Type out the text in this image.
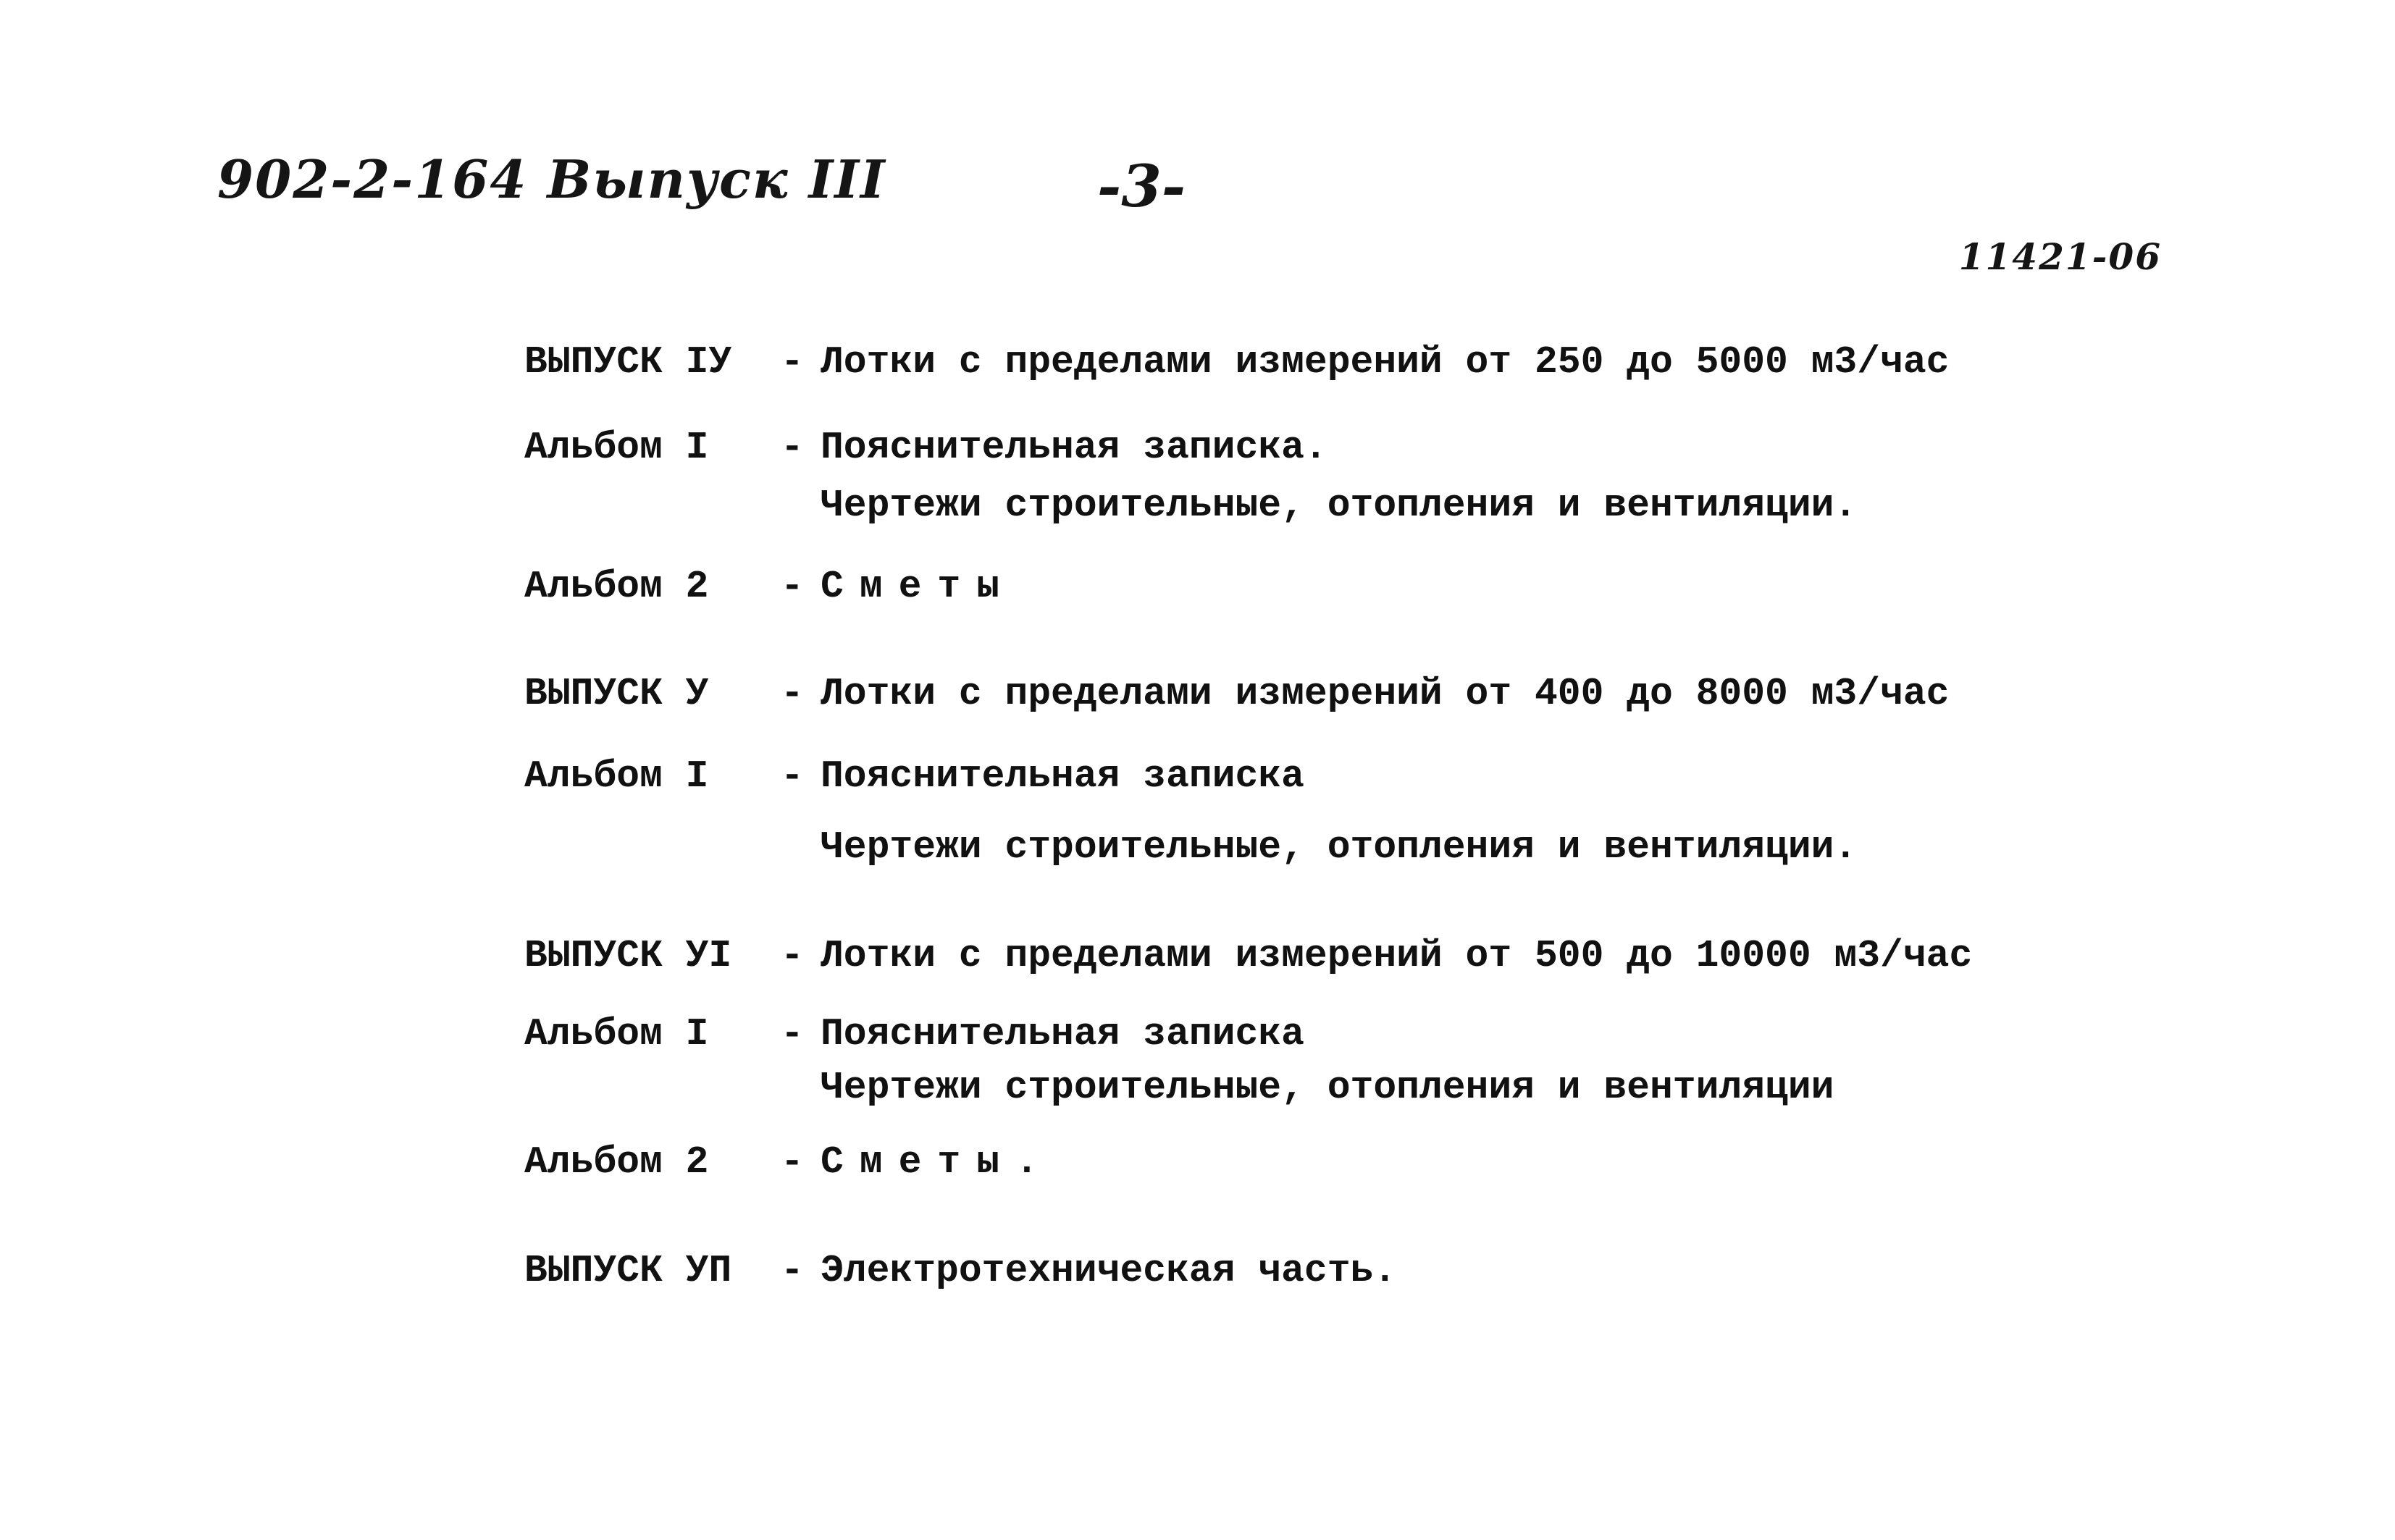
902-2-164 Выпуск III	-3-
11421-06
ВЫПУСК IУ - Лотки с пределами измерений от 250 до 5000 м3/час
Альбом I - Пояснительная записка.
Чертежи строительные, отопления и вентиляции.
Альбом 2 - Сметы
ВЫПУСК У - Лотки с пределами измерений от 400 до 8000 м3/час
Альбом I - Пояснительная записка
Чертежи строительные, отопления и вентиляции.
ВЫПУСК УI - Лотки с пределами измерений от 500 до 10000 м3/час
Альбом I - Пояснительная записка
Чертежи строительные, отопления и вентиляции
Альбом 2 - Сметы.
ВЫПУСК УП - Электротехническая часть.
